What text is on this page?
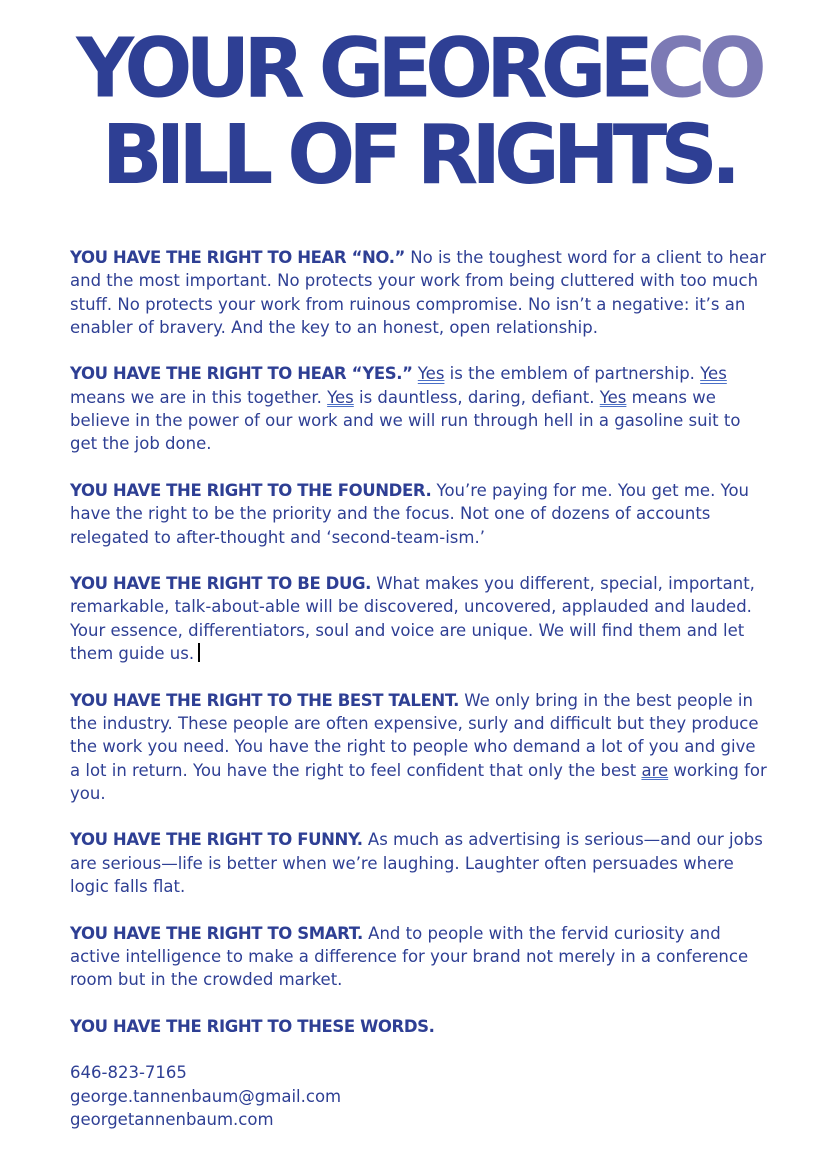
YOUR GEORGECO
BILL OF RIGHTS.

YOU HAVE THE RIGHT TO HEAR “NO.” No is the toughest word for a client to hear and the most important. No protects your work from being cluttered with too much stuff. No protects your work from ruinous compromise. No isn’t a negative: it’s an enabler of bravery. And the key to an honest, open relationship.

YOU HAVE THE RIGHT TO HEAR “YES.” Yes is the emblem of partnership. Yes means we are in this together. Yes is dauntless, daring, defiant. Yes means we believe in the power of our work and we will run through hell in a gasoline suit to get the job done.

YOU HAVE THE RIGHT TO THE FOUNDER. You’re paying for me. You get me. You have the right to be the priority and the focus. Not one of dozens of accounts relegated to after-thought and ‘second-team-ism.’

YOU HAVE THE RIGHT TO BE DUG. What makes you different, special, important, remarkable, talk-about-able will be discovered, uncovered, applauded and lauded. Your essence, differentiators, soul and voice are unique. We will find them and let them guide us.

YOU HAVE THE RIGHT TO THE BEST TALENT. We only bring in the best people in the industry. These people are often expensive, surly and difficult but they produce the work you need. You have the right to people who demand a lot of you and give a lot in return. You have the right to feel confident that only the best are working for you.

YOU HAVE THE RIGHT TO FUNNY. As much as advertising is serious—and our jobs are serious—life is better when we’re laughing. Laughter often persuades where logic falls flat.

YOU HAVE THE RIGHT TO SMART. And to people with the fervid curiosity and active intelligence to make a difference for your brand not merely in a conference room but in the crowded market.

YOU HAVE THE RIGHT TO THESE WORDS.

646-823-7165
george.tannenbaum@gmail.com
georgetannenbaum.com
